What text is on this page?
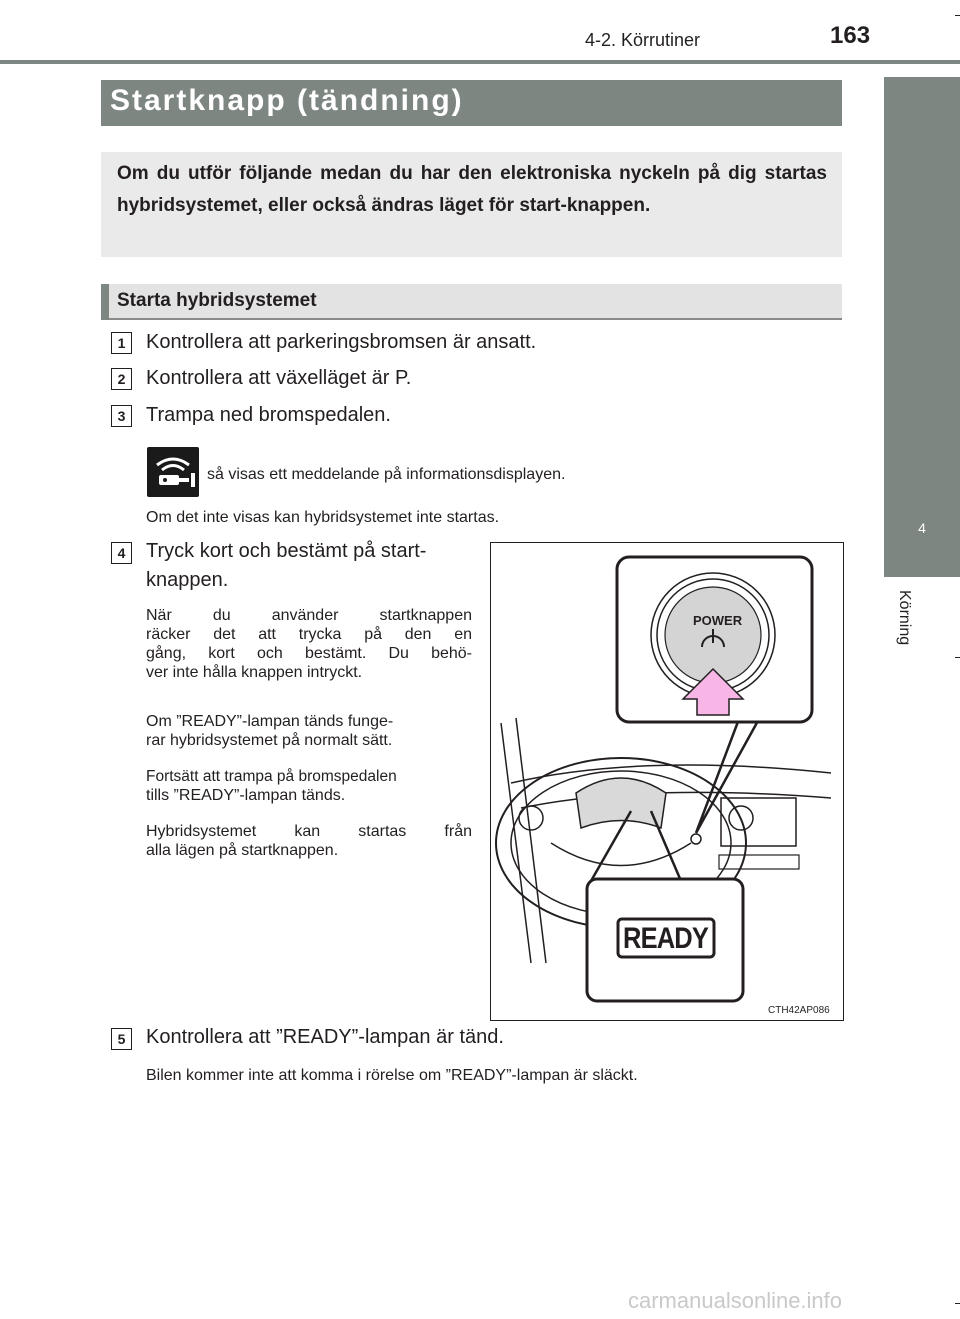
4-2. Körrutiner	163
4
Körning
Startknapp (tändning)
Om du utför följande medan du har den elektroniska nyckeln på dig startas hybridsystemet, eller också ändras läget för start-knappen.
Starta hybridsystemet
1	Kontrollera att parkeringsbromsen är ansatt.
2	Kontrollera att växelläget är P.
3	Trampa ned bromspedalen.
så visas ett meddelande på informationsdisplayen.
Om det inte visas kan hybridsystemet inte startas.
4	Tryck kort och bestämt på start-
knappen.
När du använder startknappen
räcker det att trycka på den en
gång, kort och bestämt. Du behö-
ver inte hålla knappen intryckt.
Om ”READY”-lampan tänds funge-
rar hybridsystemet på normalt sätt.
Fortsätt att trampa på bromspedalen
tills ”READY”-lampan tänds.
Hybridsystemet kan startas från
alla lägen på startknappen.
POWER
READY
CTH42AP086
5	Kontrollera att ”READY”-lampan är tänd.
Bilen kommer inte att komma i rörelse om ”READY”-lampan är släckt.
carmanualsonline.info
